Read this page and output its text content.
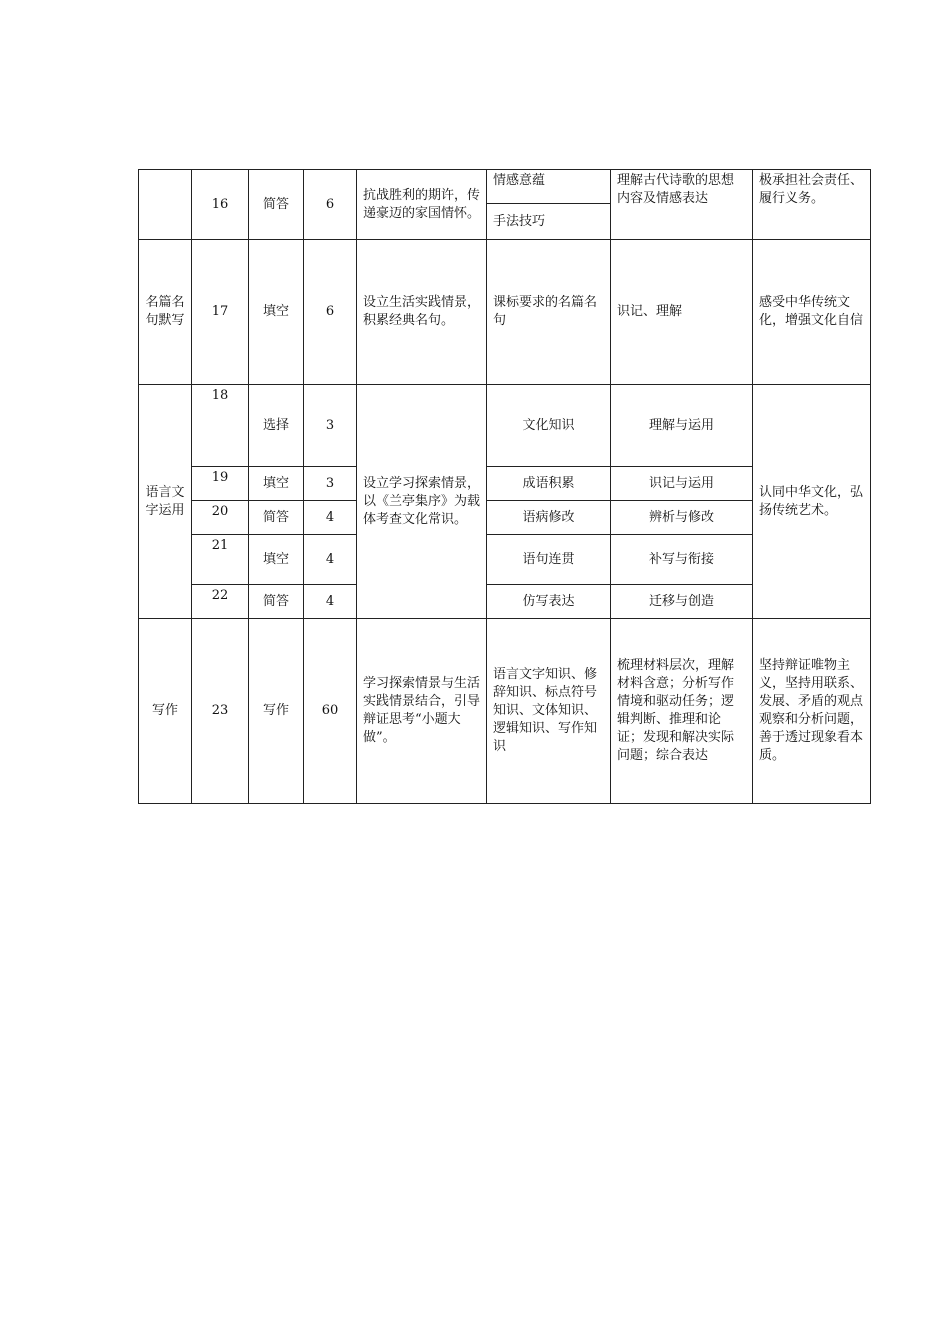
	16	简答	6	抗战胜利的期许，传递豪迈的家国情怀。	情感意蕴	理解古代诗歌的思想内容及情感表达	极承担社会责任、履行义务。
					手法技巧		
名篇名句默写	17	填空	6	设立生活实践情景，积累经典名句。	课标要求的名篇名句	识记、理解	感受中华传统文化，增强文化自信
语言文字运用	18	选择	3	设立学习探索情景，以《兰亭集序》为载体考查文化常识。	文化知识	理解与运用	认同中华文化，弘扬传统艺术。
	19	填空	3		成语积累	识记与运用	
	20	简答	4		语病修改	辨析与修改	
	21	填空	4		语句连贯	补写与衔接	
	22	简答	4		仿写表达	迁移与创造	
写作	23	写作	60	学习探索情景与生活实践情景结合，引导辩证思考“小题大做”。	语言文字知识、修辞知识、标点符号知识、文体知识、逻辑知识、写作知识	梳理材料层次，理解材料含意；分析写作情境和驱动任务；逻辑判断、推理和论证；发现和解决实际问题；综合表达	坚持辩证唯物主义，坚持用联系、发展、矛盾的观点观察和分析问题，善于透过现象看本质。
